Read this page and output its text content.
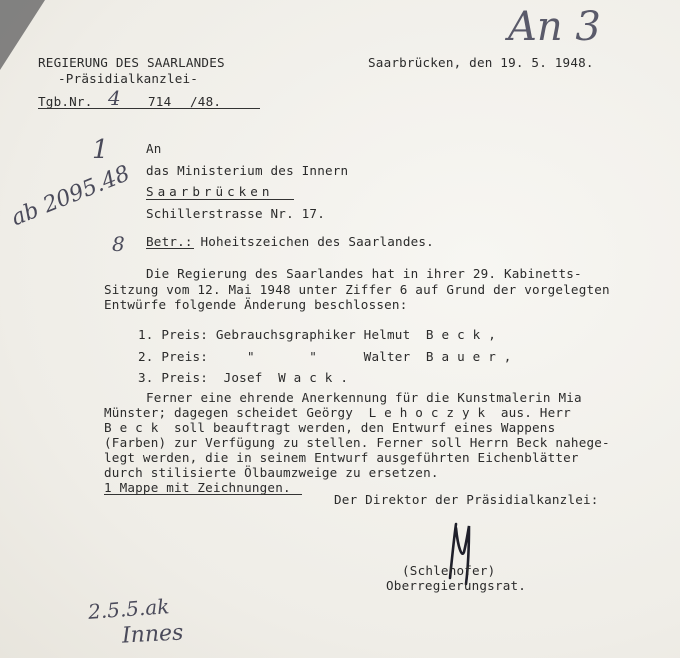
REGIERUNG DES SAARLANDES
-Präsidialkanzlei-
Tgb.Nr. 4 714 /48.
Saarbrücken, den 19. 5. 1948.
An 3
An
das Ministerium des Innern
Saarbrücken
Schillerstrasse Nr. 17.
1
ab 2095.48
8 Betr.: Hoheitszeichen des Saarlandes.
Die Regierung des Saarlandes hat in ihrer 29. Kabinetts-
Sitzung vom 12. Mai 1948 unter Ziffer 6 auf Grund der vorgelegten
Entwürfe folgende Änderung beschlossen:
1. Preis: Gebrauchsgraphiker Helmut  B e c k ,
2. Preis:     "       "      Walter  B a u e r ,
3. Preis:  Josef  W a c k .
Ferner eine ehrende Anerkennung für die Kunstmalerin Mia
Münster; dagegen scheidet Geörgy  L e h o c z y k  aus. Herr
B e c k  soll beauftragt werden, den Entwurf eines Wappens
(Farben) zur Verfügung zu stellen. Ferner soll Herrn Beck nahege-
legt werden, die in seinem Entwurf ausgeführten Eichenblätter
durch stilisierte Ölbaumzweige zu ersetzen.
1 Mappe mit Zeichnungen.
Der Direktor der Präsidialkanzlei:
(Schlehofer)
Oberregierungsrat.
2.5.5.ak
Innes
